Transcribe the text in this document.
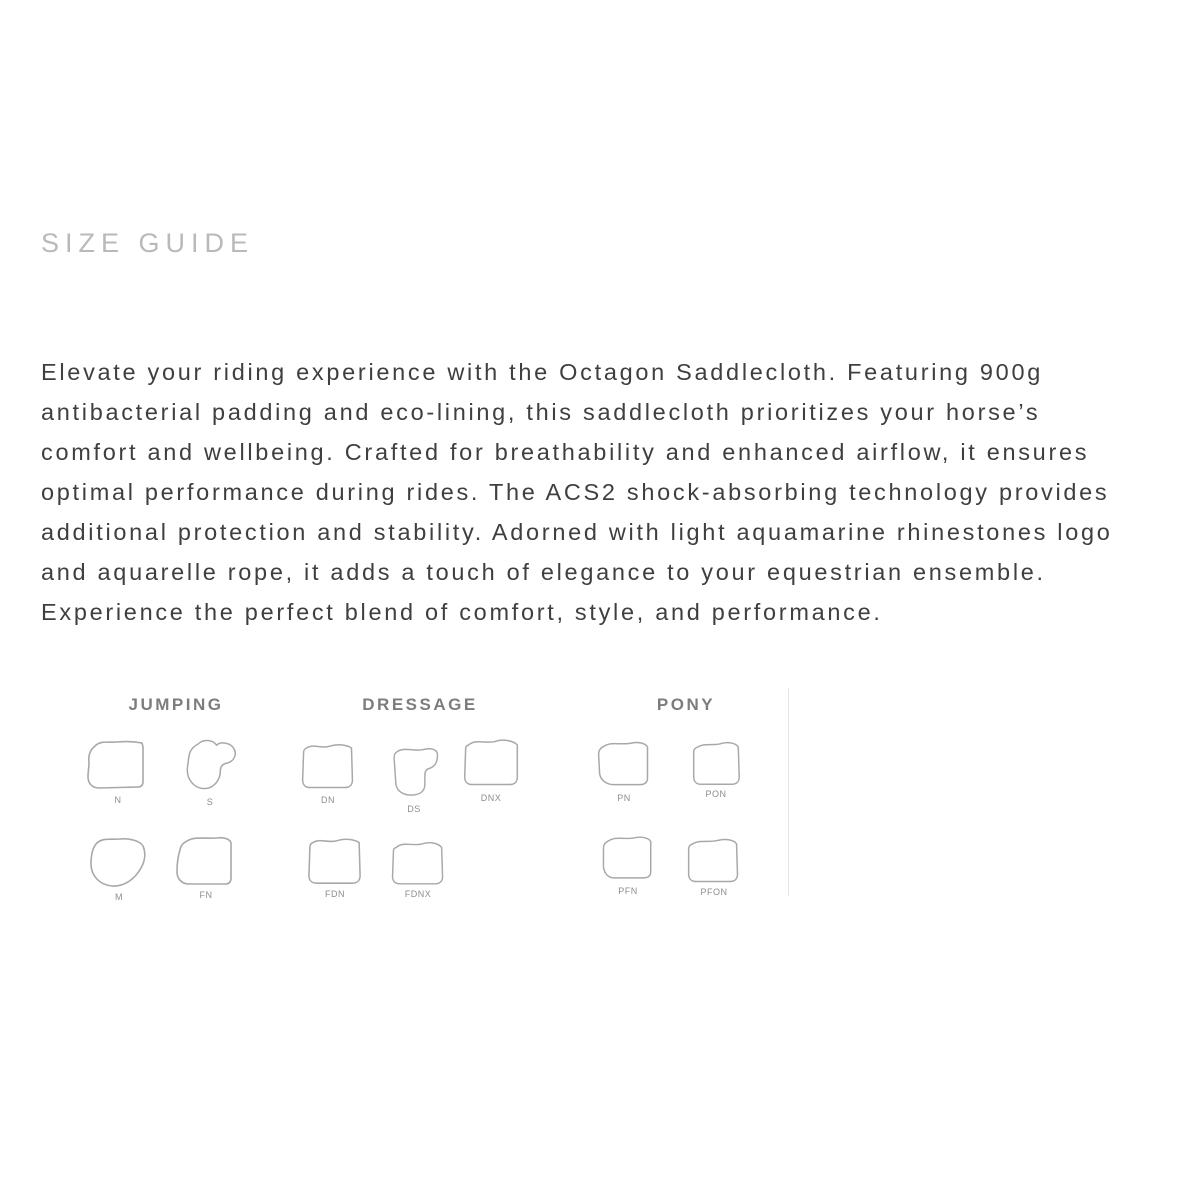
SIZE GUIDE

Elevate your riding experience with the Octagon Saddlecloth. Featuring 900g antibacterial padding and eco-lining, this saddlecloth prioritizes your horse’s comfort and wellbeing. Crafted for breathability and enhanced airflow, it ensures optimal performance during rides. The ACS2 shock-absorbing technology provides additional protection and stability. Adorned with light aquamarine rhinestones logo and aquarelle rope, it adds a touch of elegance to your equestrian ensemble. Experience the perfect blend of comfort, style, and performance.

JUMPING	DRESSAGE	PONY
N	S
M	FN
DN
DS
DNX
FDN	FDNX
PN	PON
PFN	PFON
